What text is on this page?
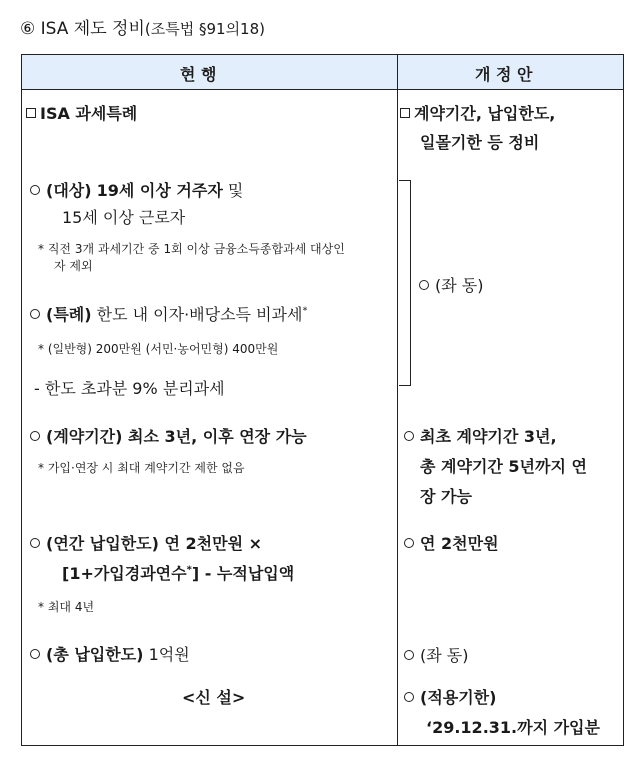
⑥ ISA 제도 정비(조특법 §91의18)
현 행	개 정 안
ISA 과세특례
(대상) 19세 이상 거주자 및
15세 이상 근로자
* 직전 3개 과세기간 중 1회 이상 금융소득종합과세 대상인
자 제외
(특례) 한도 내 이자·배당소득 비과세*
* (일반형) 200만원 (서민·농어민형) 400만원
- 한도 초과분 9% 분리과세
(계약기간) 최소 3년, 이후 연장 가능
* 가입·연장 시 최대 계약기간 제한 없음
(연간 납입한도) 연 2천만원 ×
[1+가입경과연수*] - 누적납입액
* 최대 4년
(총 납입한도) 1억원
<신 설>
계약기간, 납입한도,
일몰기한 등 정비
(좌 동)
최초 계약기간 3년,
총 계약기간 5년까지 연
장 가능
연 2천만원
(좌 동)
(적용기한)
‘29.12.31.까지 가입분
